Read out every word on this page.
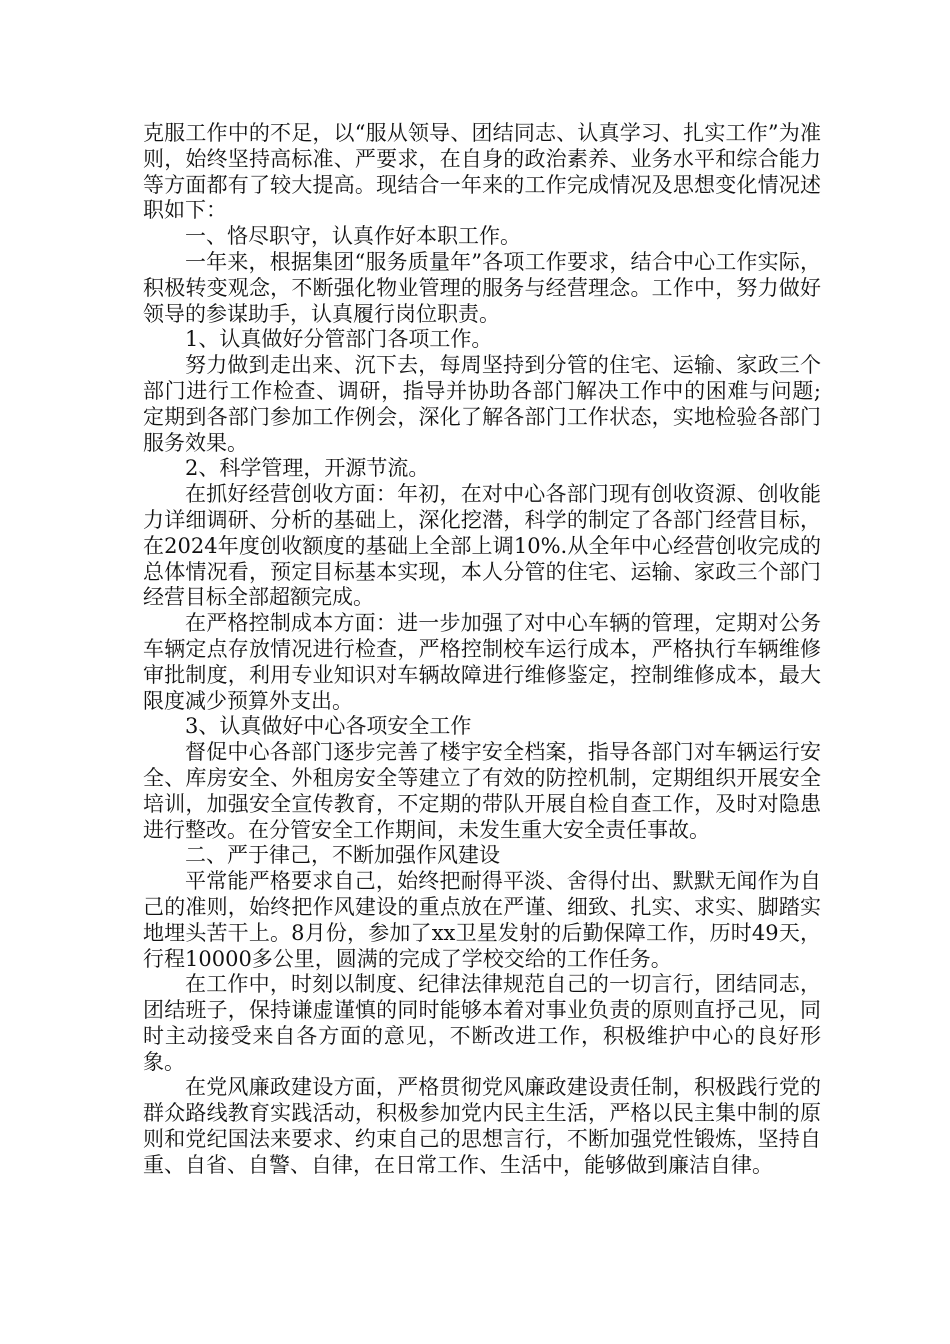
克服工作中的不足，以“服从领导、团结同志、认真学习、扎实工作”为准则，始终坚持高标准、严要求，在自身的政治素养、业务水平和综合能力等方面都有了较大提高。现结合一年来的工作完成情况及思想变化情况述职如下：

一、恪尽职守，认真作好本职工作。

一年来，根据集团“服务质量年”各项工作要求，结合中心工作实际，积极转变观念，不断强化物业管理的服务与经营理念。工作中，努力做好领导的参谋助手，认真履行岗位职责。

1、认真做好分管部门各项工作。

努力做到走出来、沉下去，每周坚持到分管的住宅、运输、家政三个部门进行工作检查、调研，指导并协助各部门解决工作中的困难与问题;定期到各部门参加工作例会，深化了解各部门工作状态，实地检验各部门服务效果。

2、科学管理，开源节流。

在抓好经营创收方面：年初，在对中心各部门现有创收资源、创收能力详细调研、分析的基础上，深化挖潜，科学的制定了各部门经营目标，在2024年度创收额度的基础上全部上调10%.从全年中心经营创收完成的总体情况看，预定目标基本实现，本人分管的住宅、运输、家政三个部门经营目标全部超额完成。

在严格控制成本方面：进一步加强了对中心车辆的管理，定期对公务车辆定点存放情况进行检查，严格控制校车运行成本，严格执行车辆维修审批制度，利用专业知识对车辆故障进行维修鉴定，控制维修成本，最大限度减少预算外支出。

3、认真做好中心各项安全工作

督促中心各部门逐步完善了楼宇安全档案，指导各部门对车辆运行安全、库房安全、外租房安全等建立了有效的防控机制，定期组织开展安全培训，加强安全宣传教育，不定期的带队开展自检自查工作，及时对隐患进行整改。在分管安全工作期间，未发生重大安全责任事故。

二、严于律己，不断加强作风建设

平常能严格要求自己，始终把耐得平淡、舍得付出、默默无闻作为自己的准则，始终把作风建设的重点放在严谨、细致、扎实、求实、脚踏实地埋头苦干上。8月份，参加了xx卫星发射的后勤保障工作，历时49天，行程10000多公里，圆满的完成了学校交给的工作任务。

在工作中，时刻以制度、纪律法律规范自己的一切言行，团结同志，团结班子，保持谦虚谨慎的同时能够本着对事业负责的原则直抒己见，同时主动接受来自各方面的意见，不断改进工作，积极维护中心的良好形象。

在党风廉政建设方面，严格贯彻党风廉政建设责任制，积极践行党的群众路线教育实践活动，积极参加党内民主生活，严格以民主集中制的原则和党纪国法来要求、约束自己的思想言行，不断加强党性锻炼，坚持自重、自省、自警、自律，在日常工作、生活中，能够做到廉洁自律。
